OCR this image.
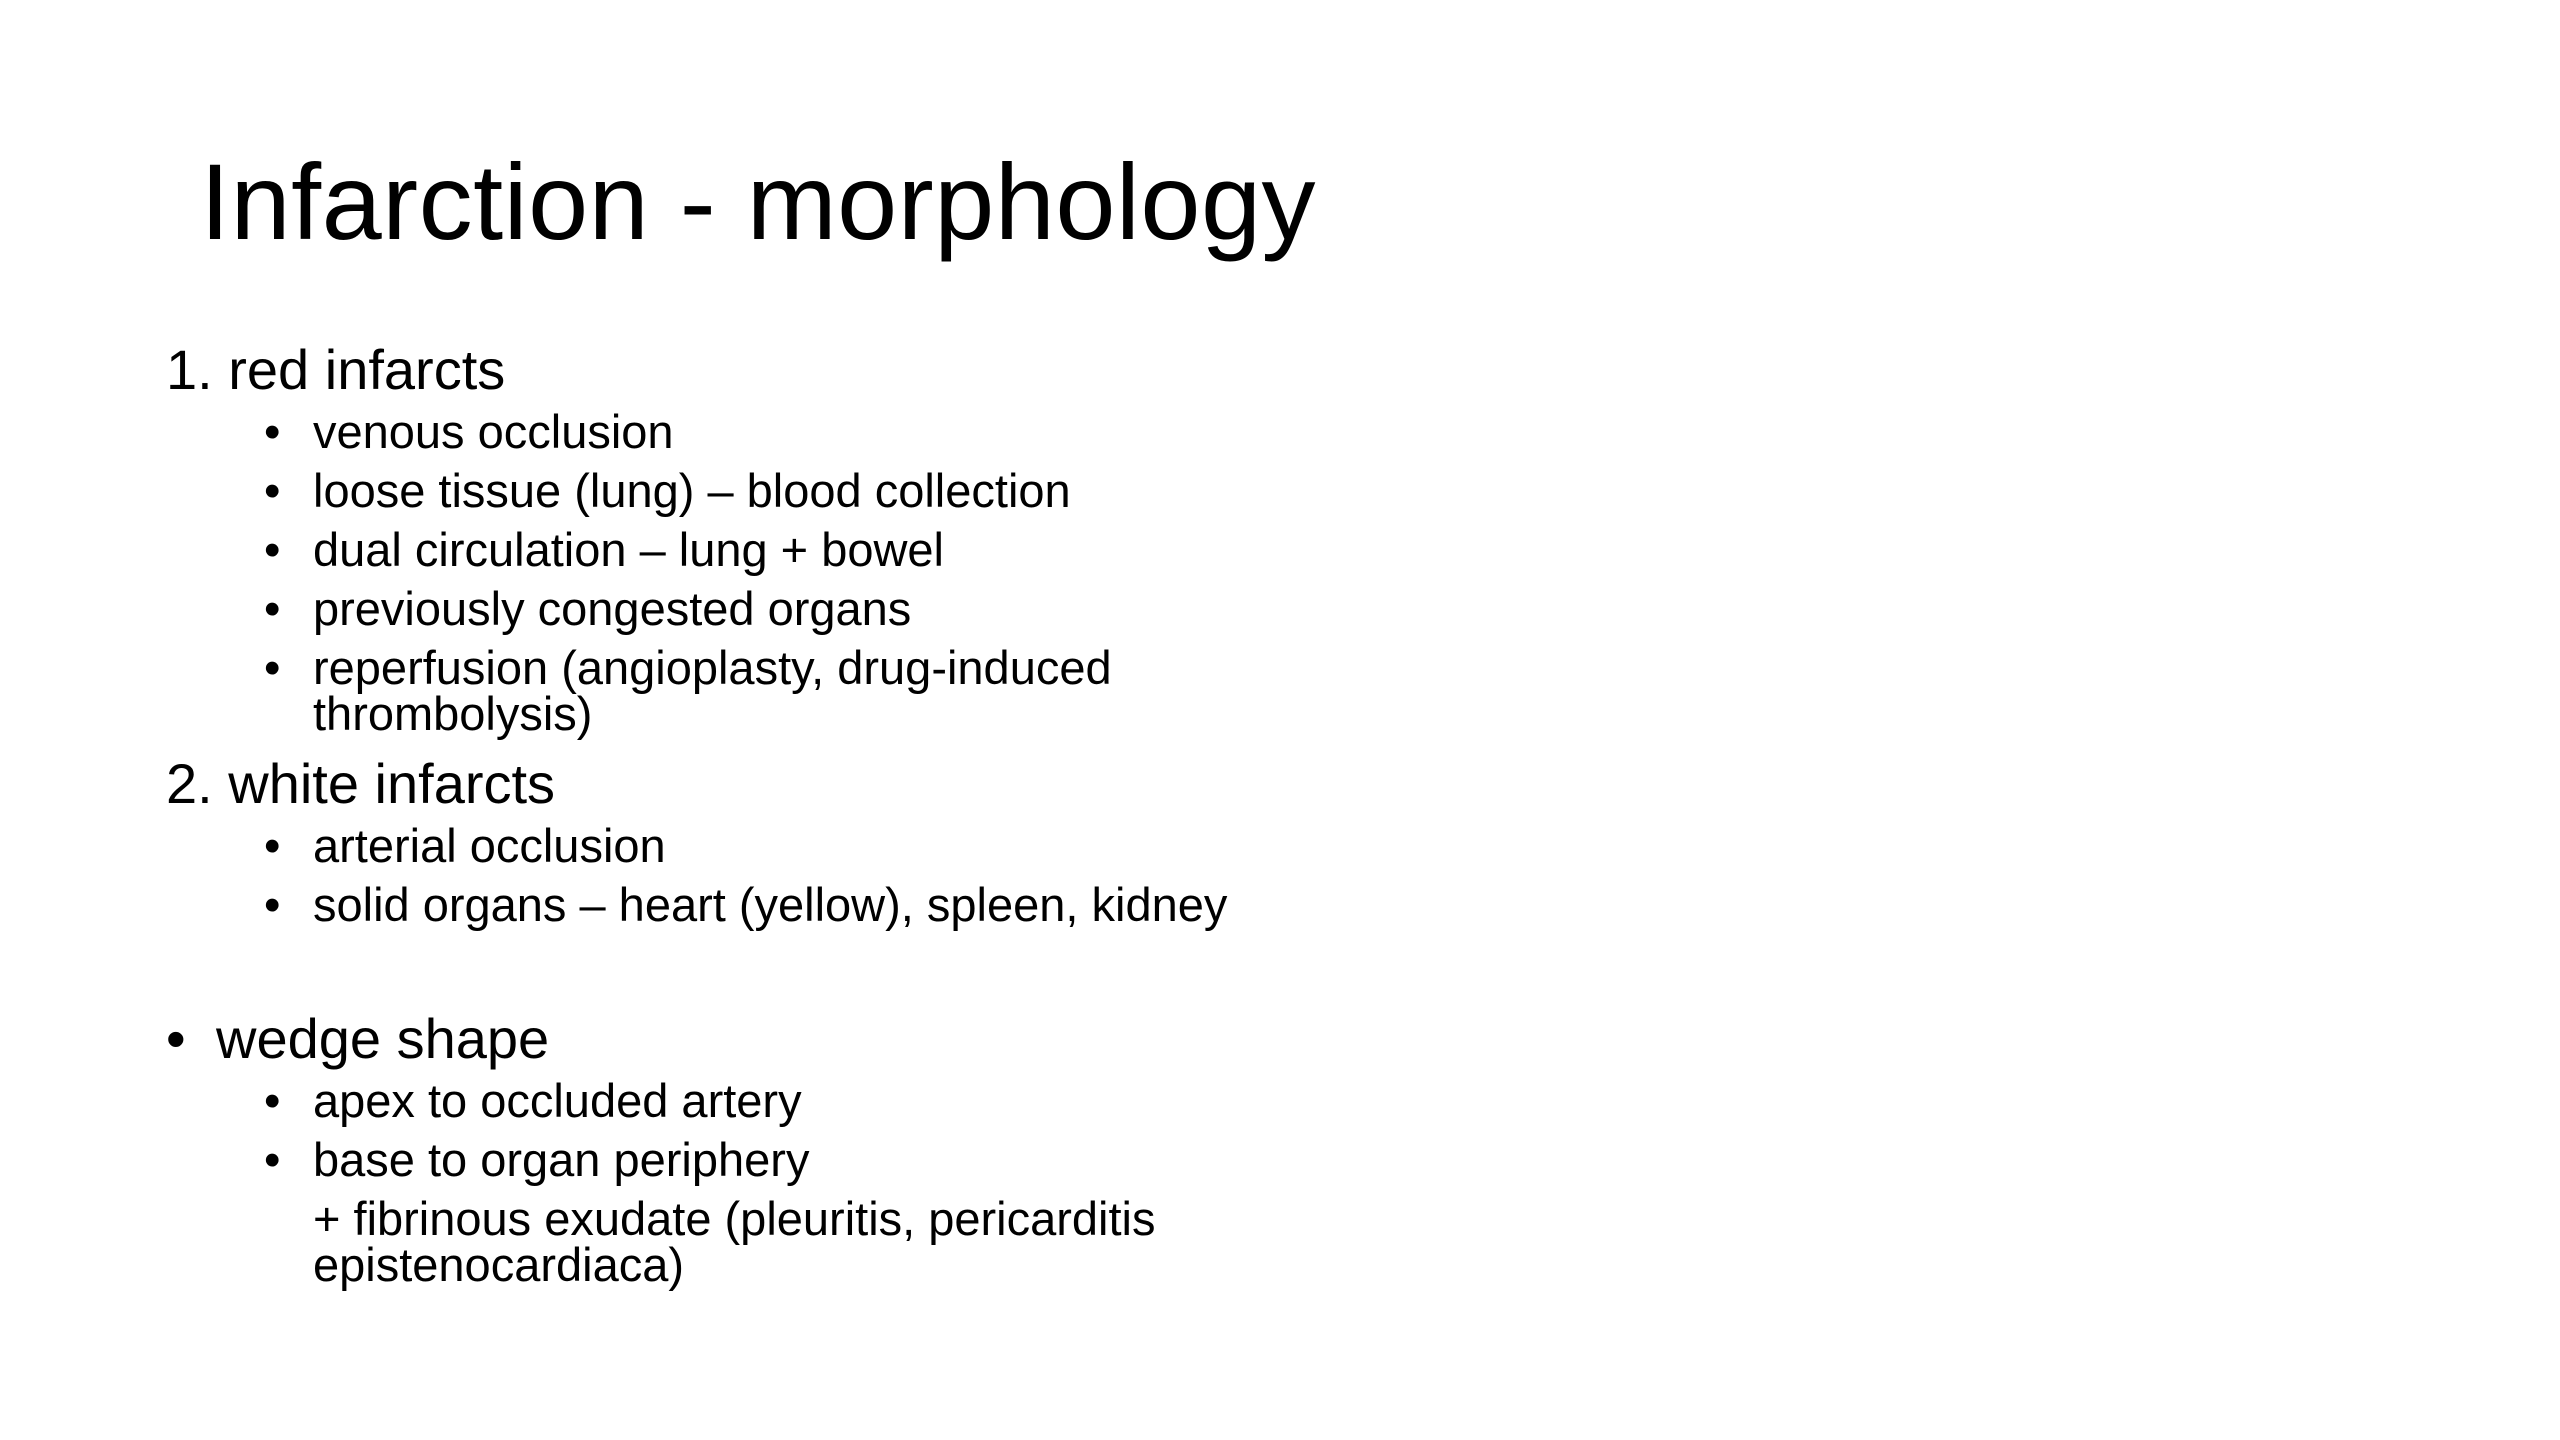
Infarction - morphology
1. red infarcts
• venous occlusion
• loose tissue (lung) – blood collection
• dual circulation – lung + bowel
• previously congested organs
• reperfusion (angioplasty, drug-induced thrombolysis)
2. white infarcts
• arterial occlusion
• solid organs – heart (yellow), spleen, kidney
• wedge shape
• apex to occluded artery
• base to organ periphery
+ fibrinous exudate (pleuritis, pericarditis epistenocardiaca)
